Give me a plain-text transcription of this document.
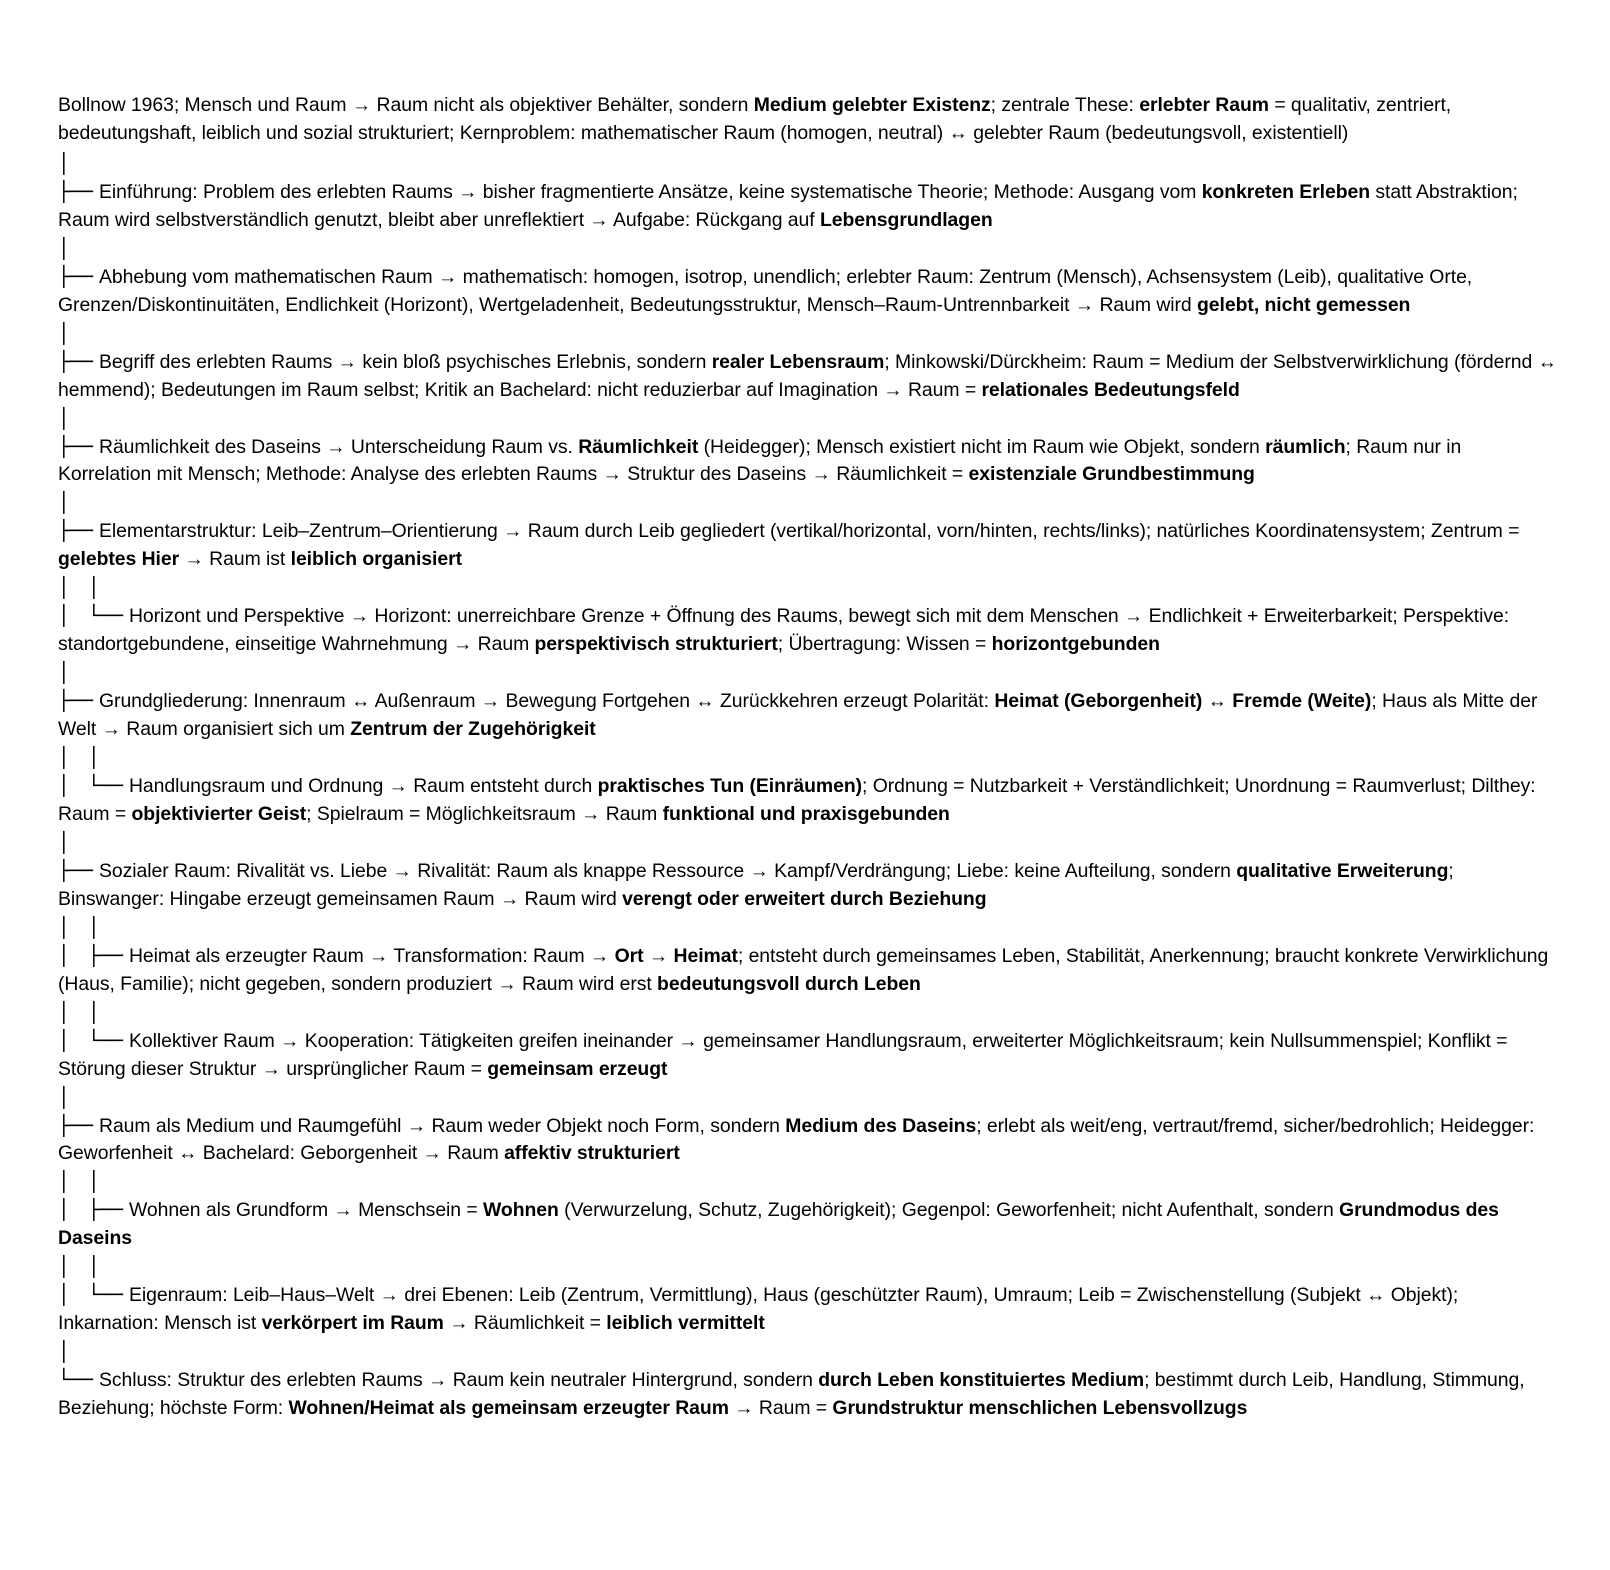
Bollnow 1963; Mensch und Raum → Raum nicht als objektiver Behälter, sondern Medium gelebter Existenz; zentrale These: erlebter Raum = qualitativ, zentriert, bedeutungshaft, leiblich und sozial strukturiert; Kernproblem: mathematischer Raum (homogen, neutral) ↔ gelebter Raum (bedeutungsvoll, existentiell)

│

├── Einführung: Problem des erlebten Raums → bisher fragmentierte Ansätze, keine systematische Theorie; Methode: Ausgang vom konkreten Erleben statt Abstraktion; Raum wird selbstverständlich genutzt, bleibt aber unreflektiert → Aufgabe: Rückgang auf Lebensgrundlagen

│

├── Abhebung vom mathematischen Raum → mathematisch: homogen, isotrop, unendlich; erlebter Raum: Zentrum (Mensch), Achsensystem (Leib), qualitative Orte, Grenzen/Diskontinuitäten, Endlichkeit (Horizont), Wertgeladenheit, Bedeutungsstruktur, Mensch–Raum-Untrennbarkeit → Raum wird gelebt, nicht gemessen

│

├── Begriff des erlebten Raums → kein bloß psychisches Erlebnis, sondern realer Lebensraum; Minkowski/Dürckheim: Raum = Medium der Selbstverwirklichung (fördernd ↔ hemmend); Bedeutungen im Raum selbst; Kritik an Bachelard: nicht reduzierbar auf Imagination → Raum = relationales Bedeutungsfeld

│

├── Räumlichkeit des Daseins → Unterscheidung Raum vs. Räumlichkeit (Heidegger); Mensch existiert nicht im Raum wie Objekt, sondern räumlich; Raum nur in Korrelation mit Mensch; Methode: Analyse des erlebten Raums → Struktur des Daseins → Räumlichkeit = existenziale Grundbestimmung

│

├── Elementarstruktur: Leib–Zentrum–Orientierung → Raum durch Leib gegliedert (vertikal/horizontal, vorn/hinten, rechts/links); natürliches Koordinatensystem; Zentrum = gelebtes Hier → Raum ist leiblich organisiert

│   │

│   └── Horizont und Perspektive → Horizont: unerreichbare Grenze + Öffnung des Raums, bewegt sich mit dem Menschen → Endlichkeit + Erweiterbarkeit; Perspektive: standortgebundene, einseitige Wahrnehmung → Raum perspektivisch strukturiert; Übertragung: Wissen = horizontgebunden

│

├── Grundgliederung: Innenraum ↔ Außenraum → Bewegung Fortgehen ↔ Zurückkehren erzeugt Polarität: Heimat (Geborgenheit) ↔ Fremde (Weite); Haus als Mitte der Welt → Raum organisiert sich um Zentrum der Zugehörigkeit

│   │

│   └── Handlungsraum und Ordnung → Raum entsteht durch praktisches Tun (Einräumen); Ordnung = Nutzbarkeit + Verständlichkeit; Unordnung = Raumverlust; Dilthey: Raum = objektivierter Geist; Spielraum = Möglichkeitsraum → Raum funktional und praxisgebunden

│

├── Sozialer Raum: Rivalität vs. Liebe → Rivalität: Raum als knappe Ressource → Kampf/Verdrängung; Liebe: keine Aufteilung, sondern qualitative Erweiterung; Binswanger: Hingabe erzeugt gemeinsamen Raum → Raum wird verengt oder erweitert durch Beziehung

│   │

│   ├── Heimat als erzeugter Raum → Transformation: Raum → Ort → Heimat; entsteht durch gemeinsames Leben, Stabilität, Anerkennung; braucht konkrete Verwirklichung (Haus, Familie); nicht gegeben, sondern produziert → Raum wird erst bedeutungsvoll durch Leben

│   │

│   └── Kollektiver Raum → Kooperation: Tätigkeiten greifen ineinander → gemeinsamer Handlungsraum, erweiterter Möglichkeitsraum; kein Nullsummenspiel; Konflikt = Störung dieser Struktur → ursprünglicher Raum = gemeinsam erzeugt

│

├── Raum als Medium und Raumgefühl → Raum weder Objekt noch Form, sondern Medium des Daseins; erlebt als weit/eng, vertraut/fremd, sicher/bedrohlich; Heidegger: Geworfenheit ↔ Bachelard: Geborgenheit → Raum affektiv strukturiert

│   │

│   ├── Wohnen als Grundform → Menschsein = Wohnen (Verwurzelung, Schutz, Zugehörigkeit); Gegenpol: Geworfenheit; nicht Aufenthalt, sondern Grundmodus des Daseins

│   │

│   └── Eigenraum: Leib–Haus–Welt → drei Ebenen: Leib (Zentrum, Vermittlung), Haus (geschützter Raum), Umraum; Leib = Zwischenstellung (Subjekt ↔ Objekt); Inkarnation: Mensch ist verkörpert im Raum → Räumlichkeit = leiblich vermittelt

│

└── Schluss: Struktur des erlebten Raums → Raum kein neutraler Hintergrund, sondern durch Leben konstituiertes Medium; bestimmt durch Leib, Handlung, Stimmung, Beziehung; höchste Form: Wohnen/Heimat als gemeinsam erzeugter Raum → Raum = Grundstruktur menschlichen Lebensvollzugs
